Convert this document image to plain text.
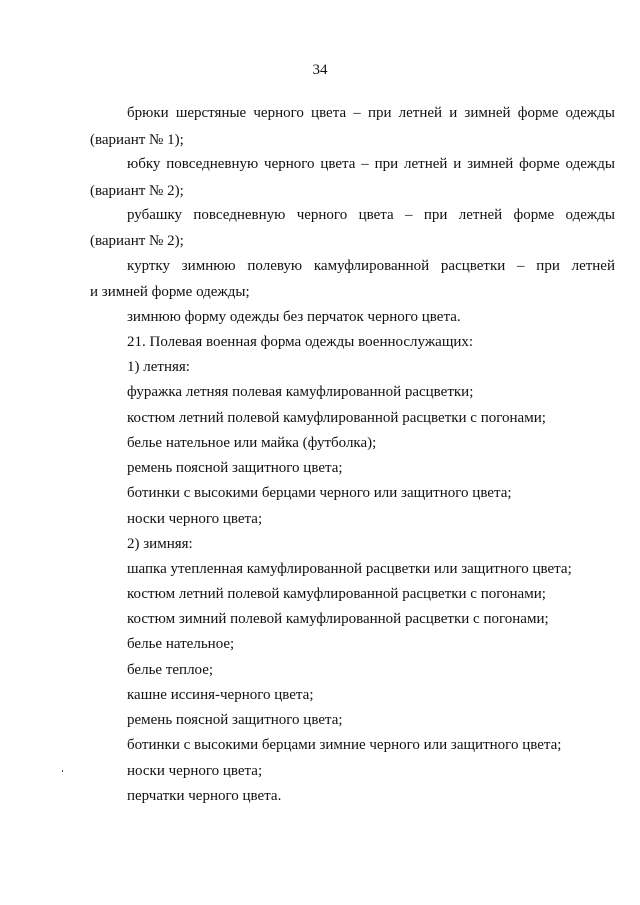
34
брюки шерстяные черного цвета – при летней и зимней форме одежды
(вариант № 1);
юбку повседневную черного цвета – при летней и зимней форме одежды
(вариант № 2);
рубашку повседневную черного цвета – при летней форме одежды
(вариант № 2);
куртку зимнюю полевую камуфлированной расцветки – при летней
и зимней форме одежды;
зимнюю форму одежды без перчаток черного цвета.
21. Полевая военная форма одежды военнослужащих:
1) летняя:
фуражка летняя полевая камуфлированной расцветки;
костюм летний полевой камуфлированной расцветки с погонами;
белье нательное или майка (футболка);
ремень поясной защитного цвета;
ботинки с высокими берцами черного или защитного цвета;
носки черного цвета;
2) зимняя:
шапка утепленная камуфлированной расцветки или защитного цвета;
костюм летний полевой камуфлированной расцветки с погонами;
костюм зимний полевой камуфлированной расцветки с погонами;
белье нательное;
белье теплое;
кашне иссиня-черного цвета;
ремень поясной защитного цвета;
ботинки с высокими берцами зимние черного или защитного цвета;
носки черного цвета;
перчатки черного цвета.
